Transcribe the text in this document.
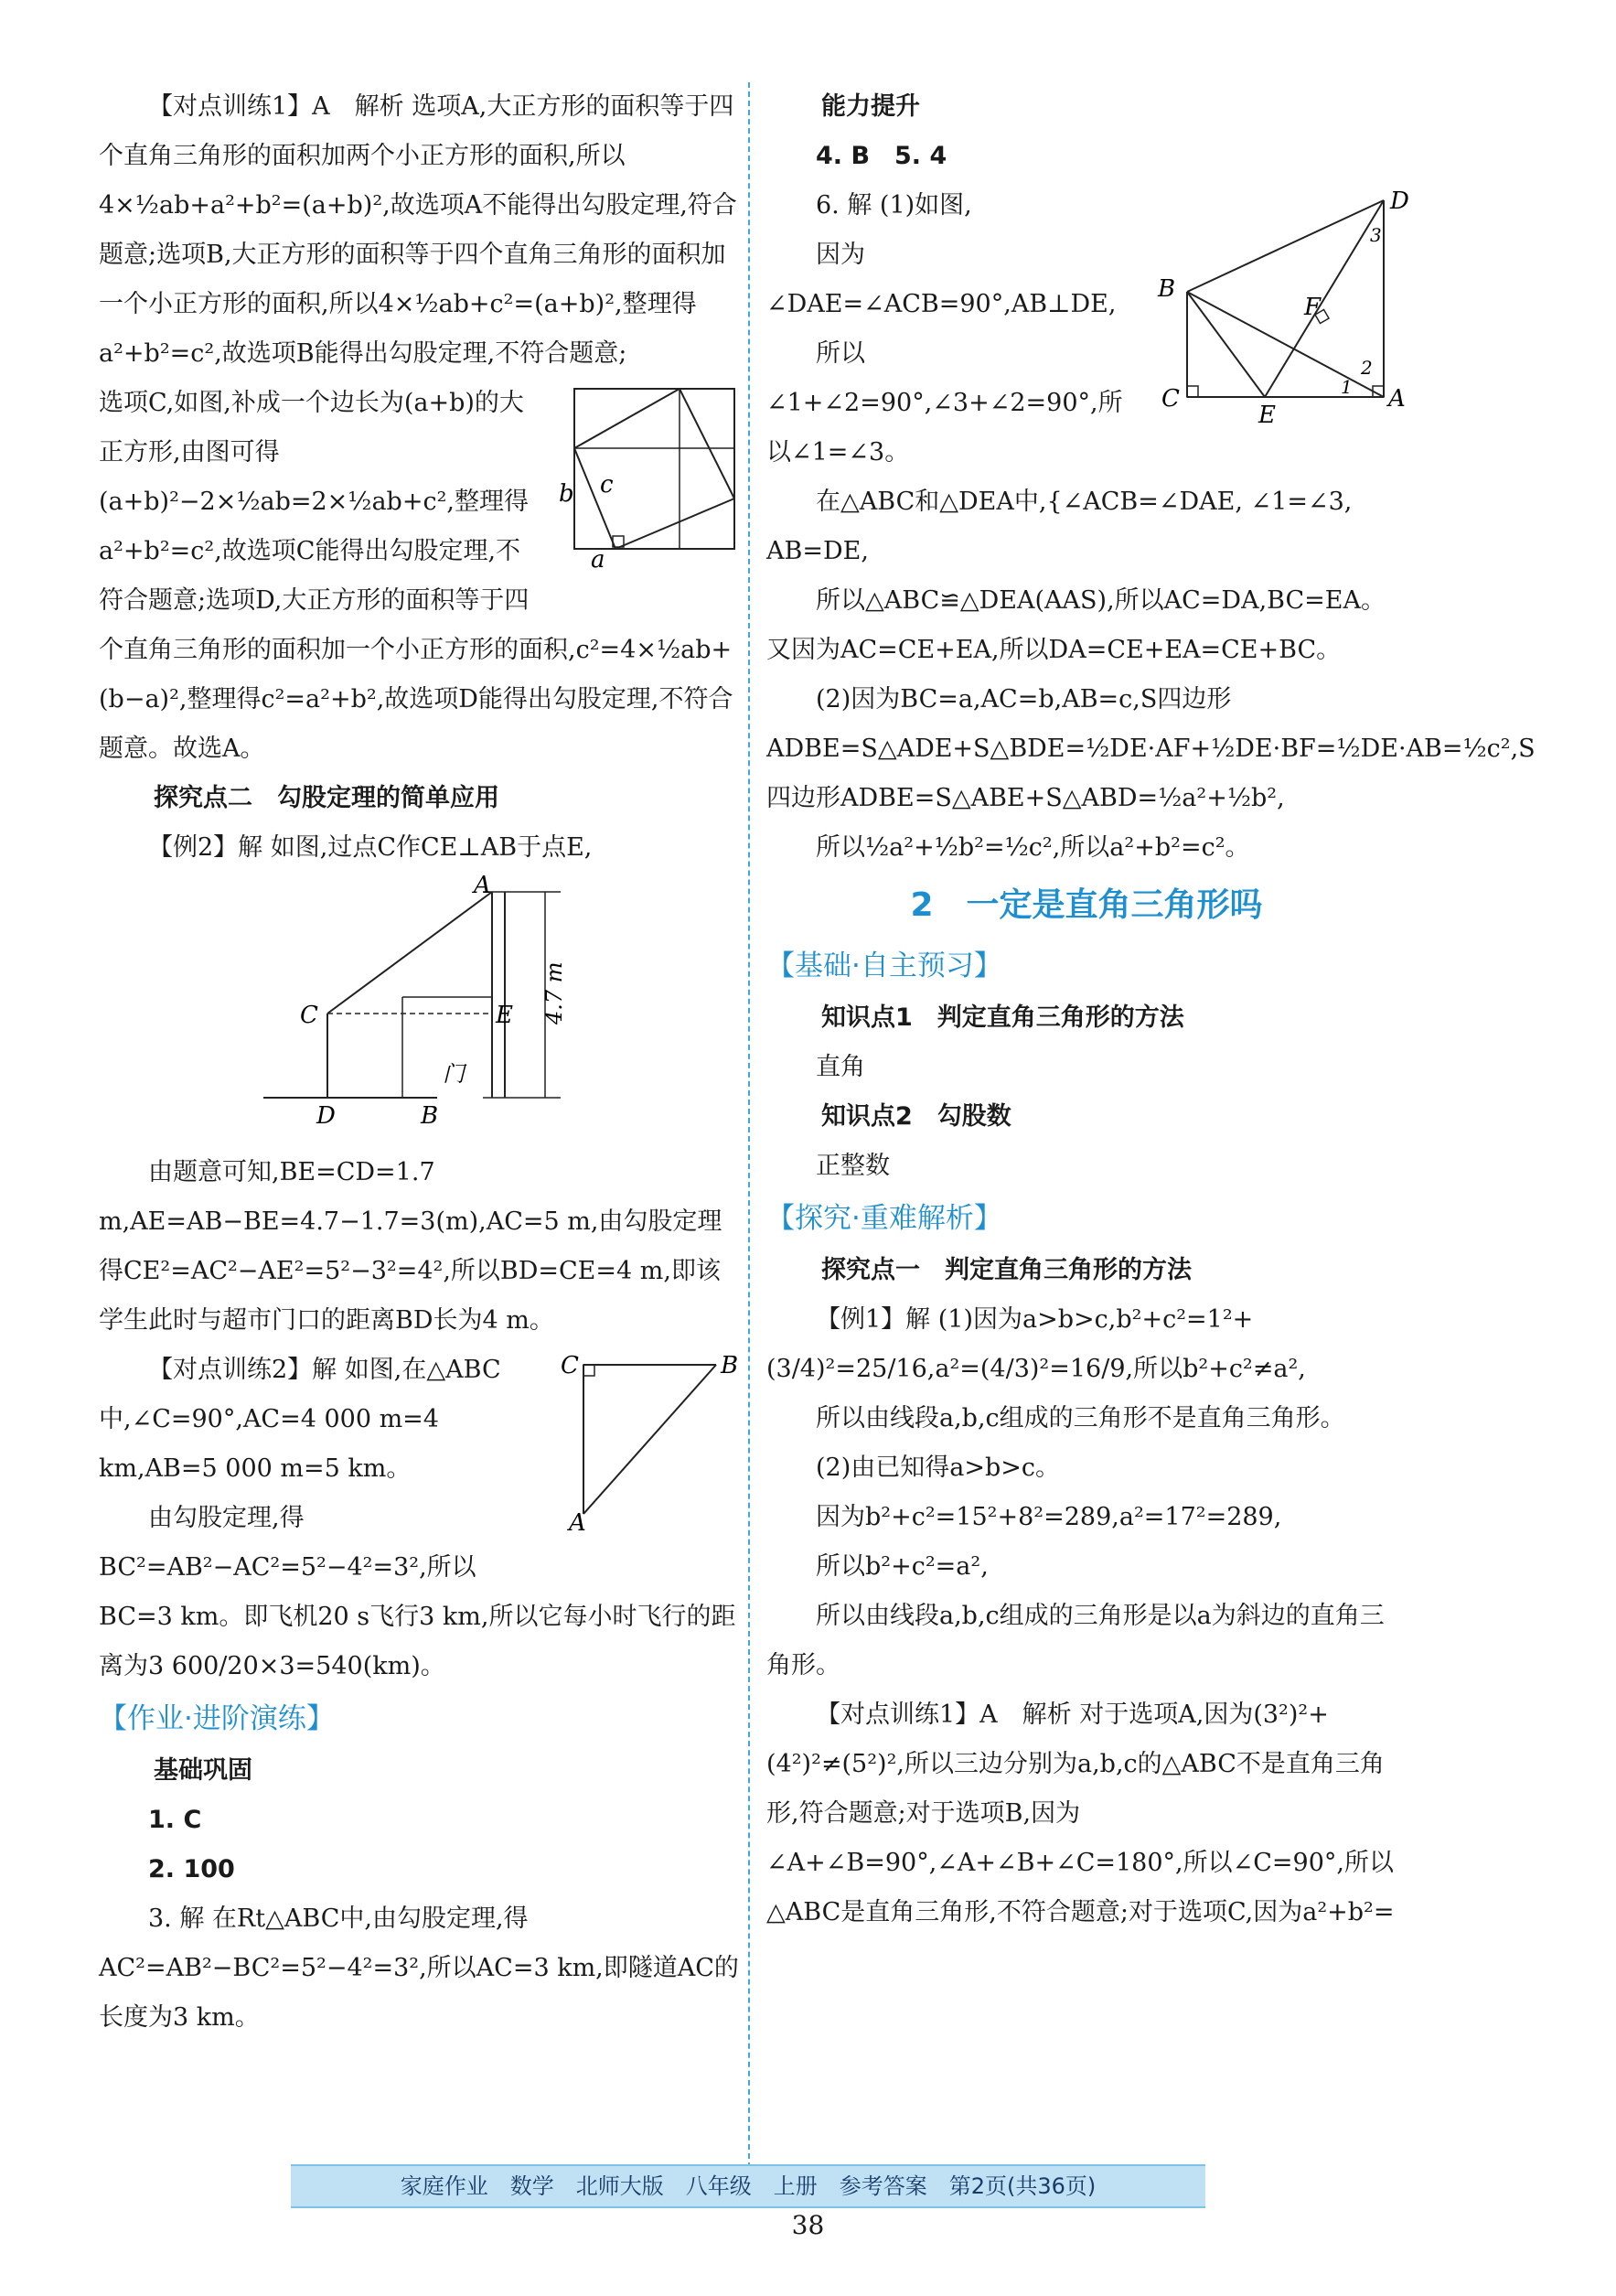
【对点训练1】A　解析 选项A,大正方形的面积等于四个直角三角形的面积加两个小正方形的面积,所以4×½ab+a²+b²=(a+b)²,故选项A不能得出勾股定理,符合题意;选项B,大正方形的面积等于四个直角三角形的面积加一个小正方形的面积,所以4×½ab+c²=(a+b)²,整理得a²+b²=c²,故选项B能得出勾股定理,不符合题意;

b c
a

选项C,如图,补成一个边长为(a+b)的大正方形,由图可得(a+b)²−2×½ab=2×½ab+c²,整理得a²+b²=c²,故选项C能得出勾股定理,不符合题意;选项D,大正方形的面积等于四个直角三角形的面积加一个小正方形的面积,c²=4×½ab+(b−a)²,整理得c²=a²+b²,故选项D能得出勾股定理,不符合题意。故选A。

探究点二　勾股定理的简单应用

【例2】解 如图,过点C作CE⊥AB于点E,

A
C	E
D	B
门
4.7 m

由题意可知,BE=CD=1.7 m,AE=AB−BE=4.7−1.7=3(m),AC=5 m,由勾股定理得CE²=AC²−AE²=5²−3²=4²,所以BD=CE=4 m,即该学生此时与超市门口的距离BD长为4 m。

C	B
A

【对点训练2】解 如图,在△ABC中,∠C=90°,AC=4 000 m=4 km,AB=5 000 m=5 km。

由勾股定理,得BC²=AB²−AC²=5²−4²=3²,所以BC=3 km。即飞机20 s飞行3 km,所以它每小时飞行的距离为3 600/20×3=540(km)。

【作业·进阶演练】

基础巩固

1. C

2. 100

3. 解 在Rt△ABC中,由勾股定理,得AC²=AB²−BC²=5²−4²=3²,所以AC=3 km,即隧道AC的长度为3 km。

能力提升

4. B　5. 4

D
B
F
C
E
A
1
2
3

6. 解 (1)如图,

因为∠DAE=∠ACB=90°,AB⊥DE,

所以∠1+∠2=90°,∠3+∠2=90°,所以∠1=∠3。

在△ABC和△DEA中,{∠ACB=∠DAE, ∠1=∠3, AB=DE,

所以△ABC≌△DEA(AAS),所以AC=DA,BC=EA。又因为AC=CE+EA,所以DA=CE+EA=CE+BC。

(2)因为BC=a,AC=b,AB=c,S四边形ADBE=S△ADE+S△BDE=½DE·AF+½DE·BF=½DE·AB=½c²,S四边形ADBE=S△ABE+S△ABD=½a²+½b²,

所以½a²+½b²=½c²,所以a²+b²=c²。

2　一定是直角三角形吗

【基础·自主预习】

知识点1　判定直角三角形的方法

直角

知识点2　勾股数

正整数

【探究·重难解析】

探究点一　判定直角三角形的方法

【例1】解 (1)因为a>b>c,b²+c²=1²+(3/4)²=25/16,a²=(4/3)²=16/9,所以b²+c²≠a²,

所以由线段a,b,c组成的三角形不是直角三角形。

(2)由已知得a>b>c。

因为b²+c²=15²+8²=289,a²=17²=289,

所以b²+c²=a²,

所以由线段a,b,c组成的三角形是以a为斜边的直角三角形。

【对点训练1】A　解析 对于选项A,因为(3²)²+(4²)²≠(5²)²,所以三边分别为a,b,c的△ABC不是直角三角形,符合题意;对于选项B,因为∠A+∠B=90°,∠A+∠B+∠C=180°,所以∠C=90°,所以△ABC是直角三角形,不符合题意;对于选项C,因为a²+b²=

家庭作业　数学　北师大版　八年级　上册　参考答案　第2页(共36页)
38
